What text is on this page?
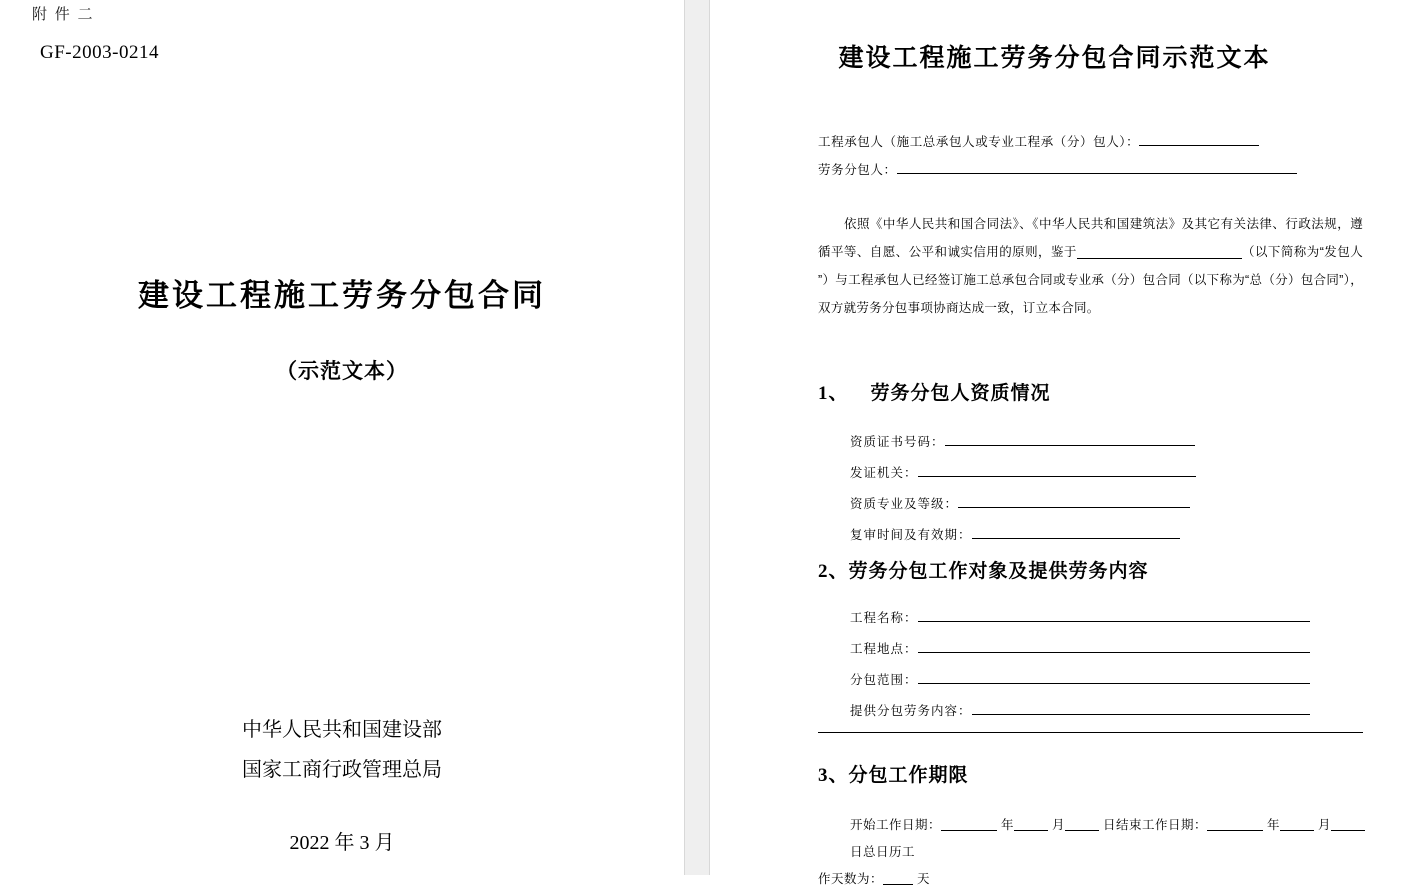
附 件 二
GF-2003-0214
建设工程施工劳务分包合同
（示范文本）
中华人民共和国建设部
国家工商行政管理总局
2022 年 3 月
建设工程施工劳务分包合同示范文本
工程承包人（施工总承包人或专业工程承（分）包人）：
劳务分包人：

依照《中华人民共和国合同法》、《中华人民共和国建筑法》及其它有关法律、行政法规，遵循平等、自愿、公平和诚实信用的原则，鉴于	（以下简称为“发包人 ”）与工程承包人已经签订施工总承包合同或专业承（分）包合同（以下称为“总（分）包合同”），双方就劳务分包事项协商达成一致，订立本合同。

1、 劳务分包人资质情况
资质证书号码：
发证机关：
资质专业及等级：
复审时间及有效期：
2、劳务分包工作对象及提供劳务内容
工程名称：
工程地点：
分包范围：
提供分包劳务内容：
3、分包工作期限
开始工作日期：	年	月	日结束工作日期：	年	月 日总日历工
作天数为：	天
